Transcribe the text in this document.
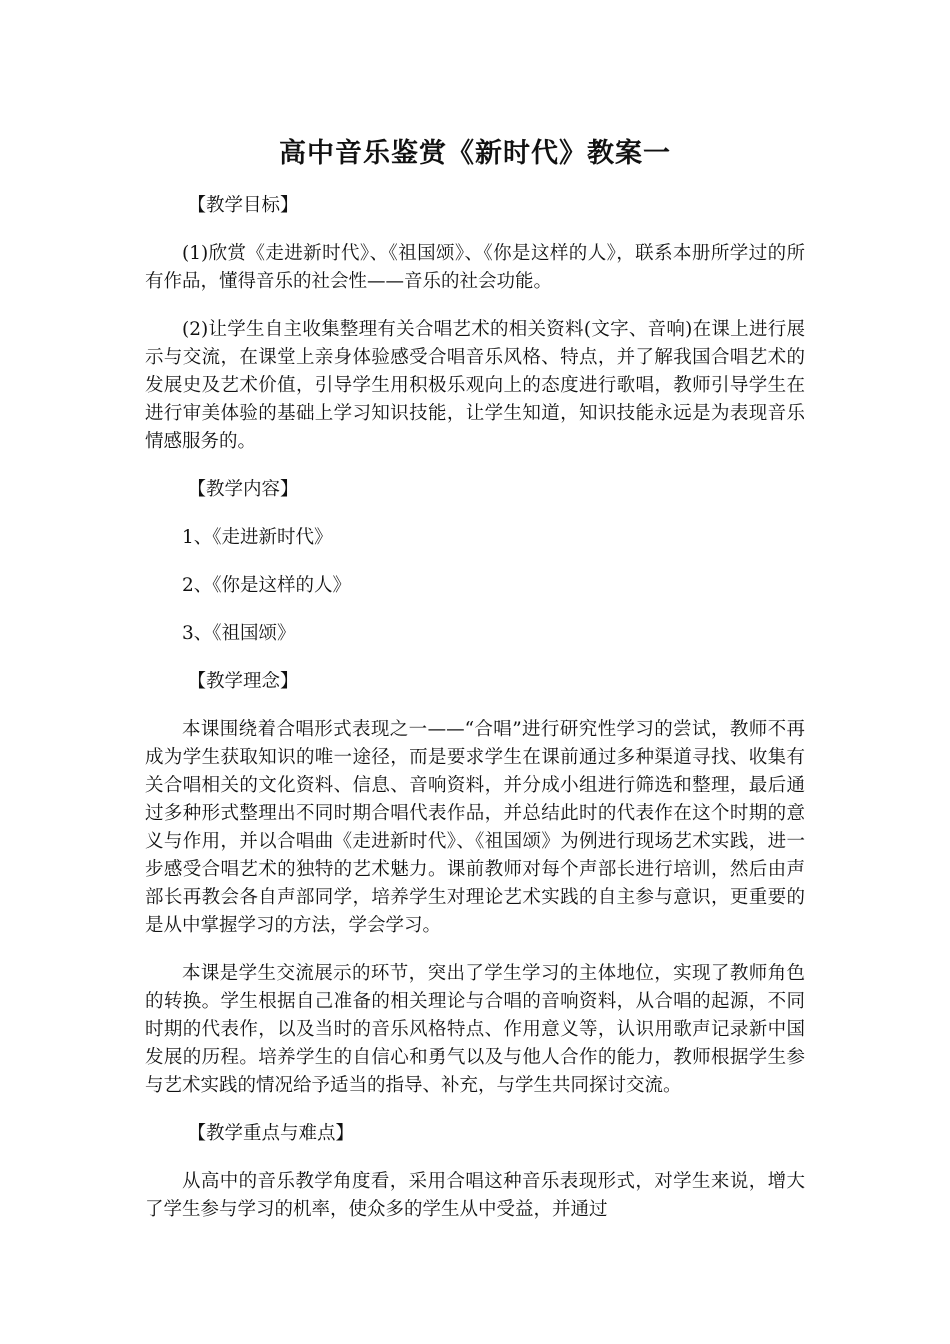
高中音乐鉴赏《新时代》教案一

【教学目标】

(1)欣赏《走进新时代》、《祖国颂》、《你是这样的人》，联系本册所学过的所有作品，懂得音乐的社会性——音乐的社会功能。

(2)让学生自主收集整理有关合唱艺术的相关资料(文字、音响)在课上进行展示与交流，在课堂上亲身体验感受合唱音乐风格、特点，并了解我国合唱艺术的发展史及艺术价值，引导学生用积极乐观向上的态度进行歌唱，教师引导学生在进行审美体验的基础上学习知识技能，让学生知道，知识技能永远是为表现音乐情感服务的。

【教学内容】

1、《走进新时代》

2、《你是这样的人》

3、《祖国颂》

【教学理念】

本课围绕着合唱形式表现之一——“合唱”进行研究性学习的尝试，教师不再成为学生获取知识的唯一途径，而是要求学生在课前通过多种渠道寻找、收集有关合唱相关的文化资料、信息、音响资料，并分成小组进行筛选和整理，最后通过多种形式整理出不同时期合唱代表作品，并总结此时的代表作在这个时期的意义与作用，并以合唱曲《走进新时代》、《祖国颂》为例进行现场艺术实践，进一步感受合唱艺术的独特的艺术魅力。课前教师对每个声部长进行培训，然后由声部长再教会各自声部同学，培养学生对理论艺术实践的自主参与意识，更重要的是从中掌握学习的方法，学会学习。

本课是学生交流展示的环节，突出了学生学习的主体地位，实现了教师角色的转换。学生根据自己准备的相关理论与合唱的音响资料，从合唱的起源，不同时期的代表作，以及当时的音乐风格特点、作用意义等，认识用歌声记录新中国发展的历程。培养学生的自信心和勇气以及与他人合作的能力，教师根据学生参与艺术实践的情况给予适当的指导、补充，与学生共同探讨交流。

【教学重点与难点】

从高中的音乐教学角度看，采用合唱这种音乐表现形式，对学生来说，增大了学生参与学习的机率，使众多的学生从中受益，并通过
